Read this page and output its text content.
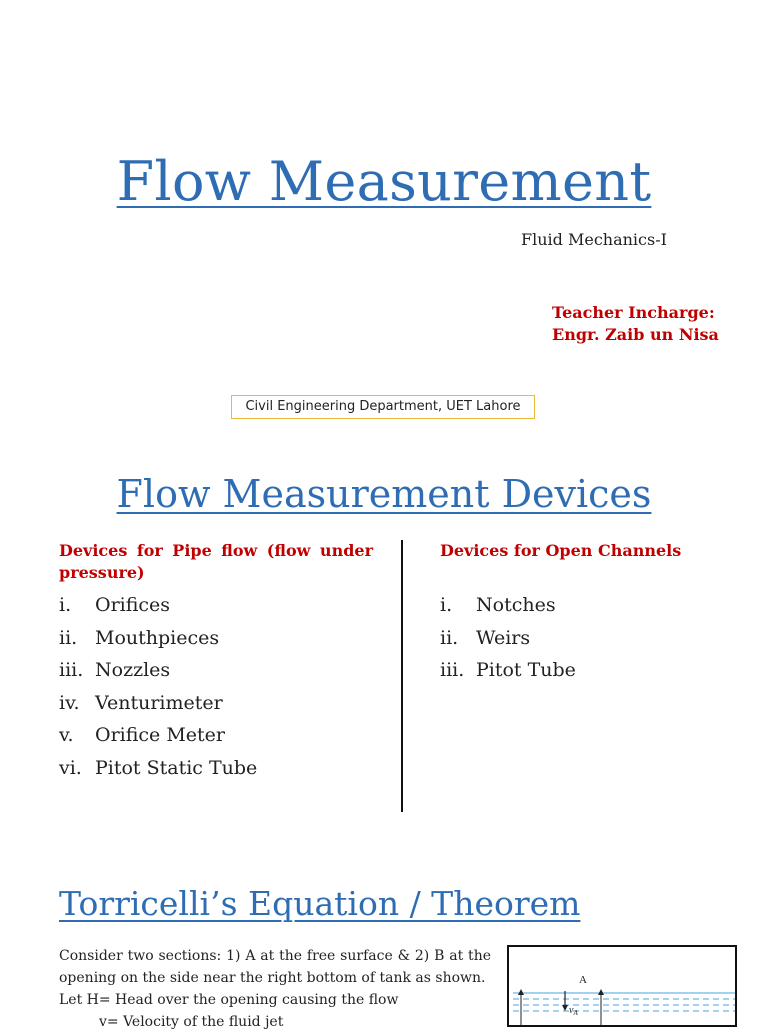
Flow Measurement
Fluid Mechanics-I
Teacher Incharge:
Engr. Zaib un Nisa
Civil Engineering Department, UET Lahore
Flow Measurement Devices
Devices for Pipe flow (flow under pressure)
Devices for Open Channels
i. Orifices
ii. Mouthpieces
iii. Nozzles
iv. Venturimeter
v. Orifice Meter
vi. Pitot Static Tube
i. Notches
ii. Weirs
iii. Pitot Tube
Torricelli’s Equation / Theorem

Consider two sections: 1) A at the free surface & 2) B at the

opening on the side near the right bottom of tank as shown.

Let H= Head over the opening causing the flow

v= Velocity of the fluid jet

A
$v_A$
